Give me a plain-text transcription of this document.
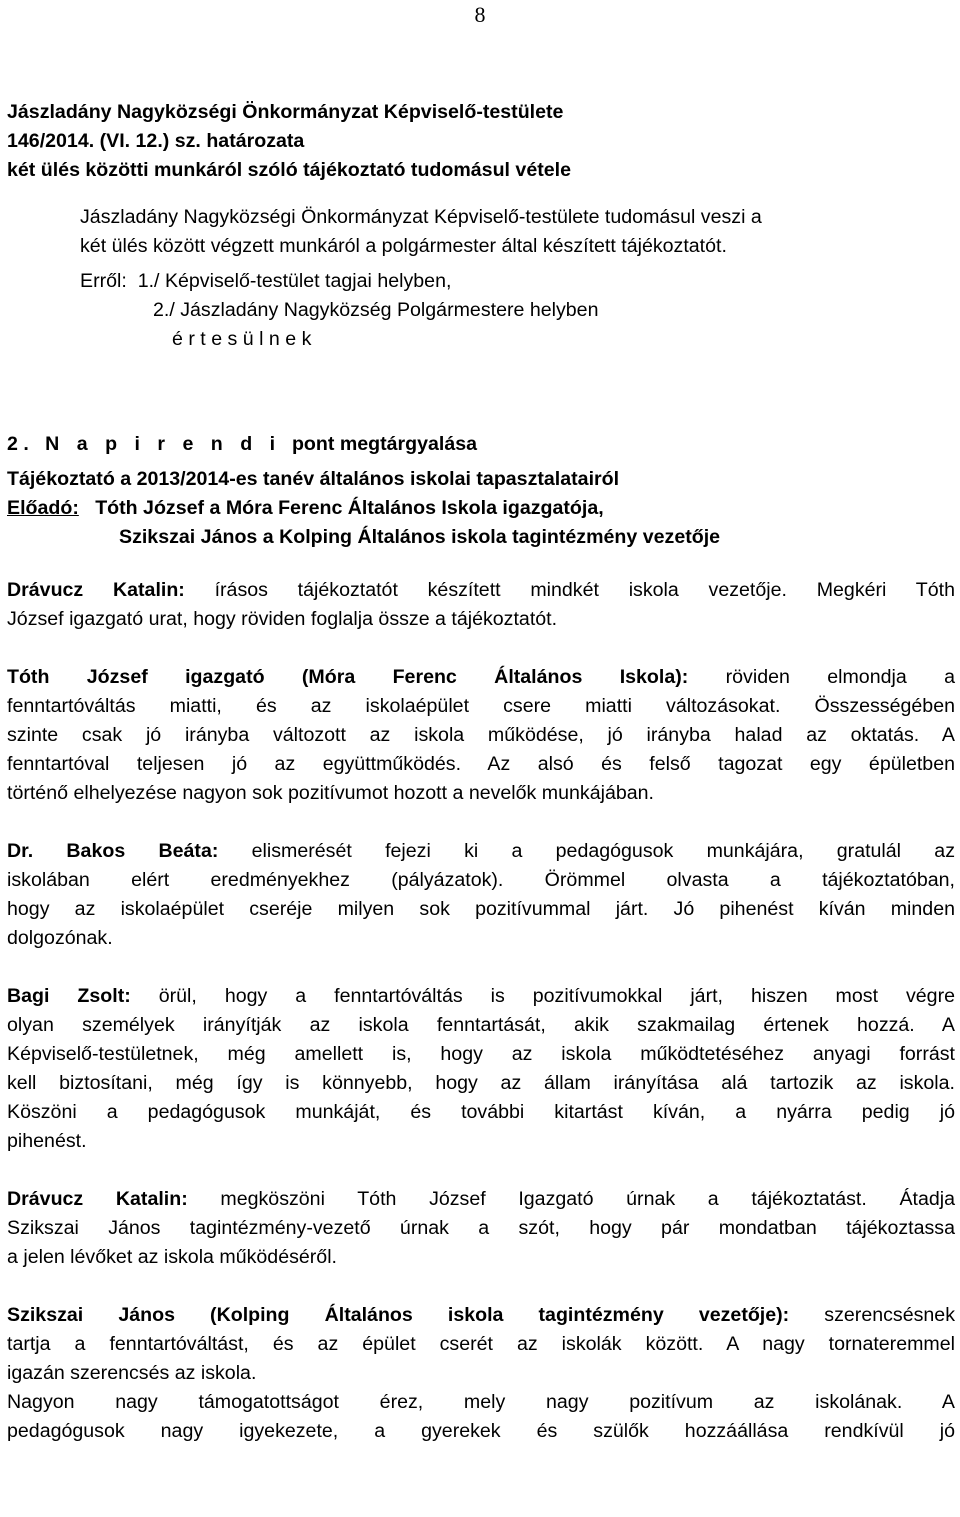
8

Jászladány Nagyközségi Önkormányzat Képviselő-testülete

146/2014. (VI. 12.) sz. határozata

két ülés közötti munkáról szóló tájékoztató tudomásul vétele

Jászladány Nagyközségi Önkormányzat Képviselő-testülete tudomásul veszi a

két ülés között végzett munkáról a polgármester által készített tájékoztatót.

Erről: 1./ Képviselő-testület tagjai helyben,

2./ Jászladány Nagyközség Polgármestere helyben

é r t e s ü l n e k

2 . N a p i r e n d i pont megtárgyalása

Tájékoztató a 2013/2014-es tanév általános iskolai tapasztalatairól

Előadó: Tóth József a Móra Ferenc Általános Iskola igazgatója,

Szikszai János a Kolping Általános iskola tagintézmény vezetője

Drávucz Katalin: írásos tájékoztatót készített mindkét iskola vezetője. Megkéri Tóth

József igazgató urat, hogy röviden foglalja össze a tájékoztatót.

Tóth József igazgató (Móra Ferenc Általános Iskola): röviden elmondja a

fenntartóváltás miatti, és az iskolaépület csere miatti változásokat. Összességében

szinte csak jó irányba változott az iskola működése, jó irányba halad az oktatás. A

fenntartóval teljesen jó az együttműködés. Az alsó és felső tagozat egy épületben

történő elhelyezése nagyon sok pozitívumot hozott a nevelők munkájában.

Dr. Bakos Beáta: elismerését fejezi ki a pedagógusok munkájára, gratulál az

iskolában elért eredményekhez (pályázatok). Örömmel olvasta a tájékoztatóban,

hogy az iskolaépület cseréje milyen sok pozitívummal járt. Jó pihenést kíván minden

dolgozónak.

Bagi Zsolt: örül, hogy a fenntartóváltás is pozitívumokkal járt, hiszen most végre

olyan személyek irányítják az iskola fenntartását, akik szakmailag értenek hozzá. A

Képviselő-testületnek, még amellett is, hogy az iskola működtetéséhez anyagi forrást

kell biztosítani, még így is könnyebb, hogy az állam irányítása alá tartozik az iskola.

Köszöni a pedagógusok munkáját, és további kitartást kíván, a nyárra pedig jó

pihenést.

Drávucz Katalin: megköszöni Tóth József Igazgató úrnak a tájékoztatást. Átadja

Szikszai János tagintézmény-vezető úrnak a szót, hogy pár mondatban tájékoztassa

a jelen lévőket az iskola működéséről.

Szikszai János (Kolping Általános iskola tagintézmény vezetője): szerencsésnek

tartja a fenntartóváltást, és az épület cserét az iskolák között. A nagy tornateremmel

igazán szerencsés az iskola.

Nagyon nagy támogatottságot érez, mely nagy pozitívum az iskolának. A

pedagógusok nagy igyekezete, a gyerekek és szülők hozzáállása rendkívül jó
